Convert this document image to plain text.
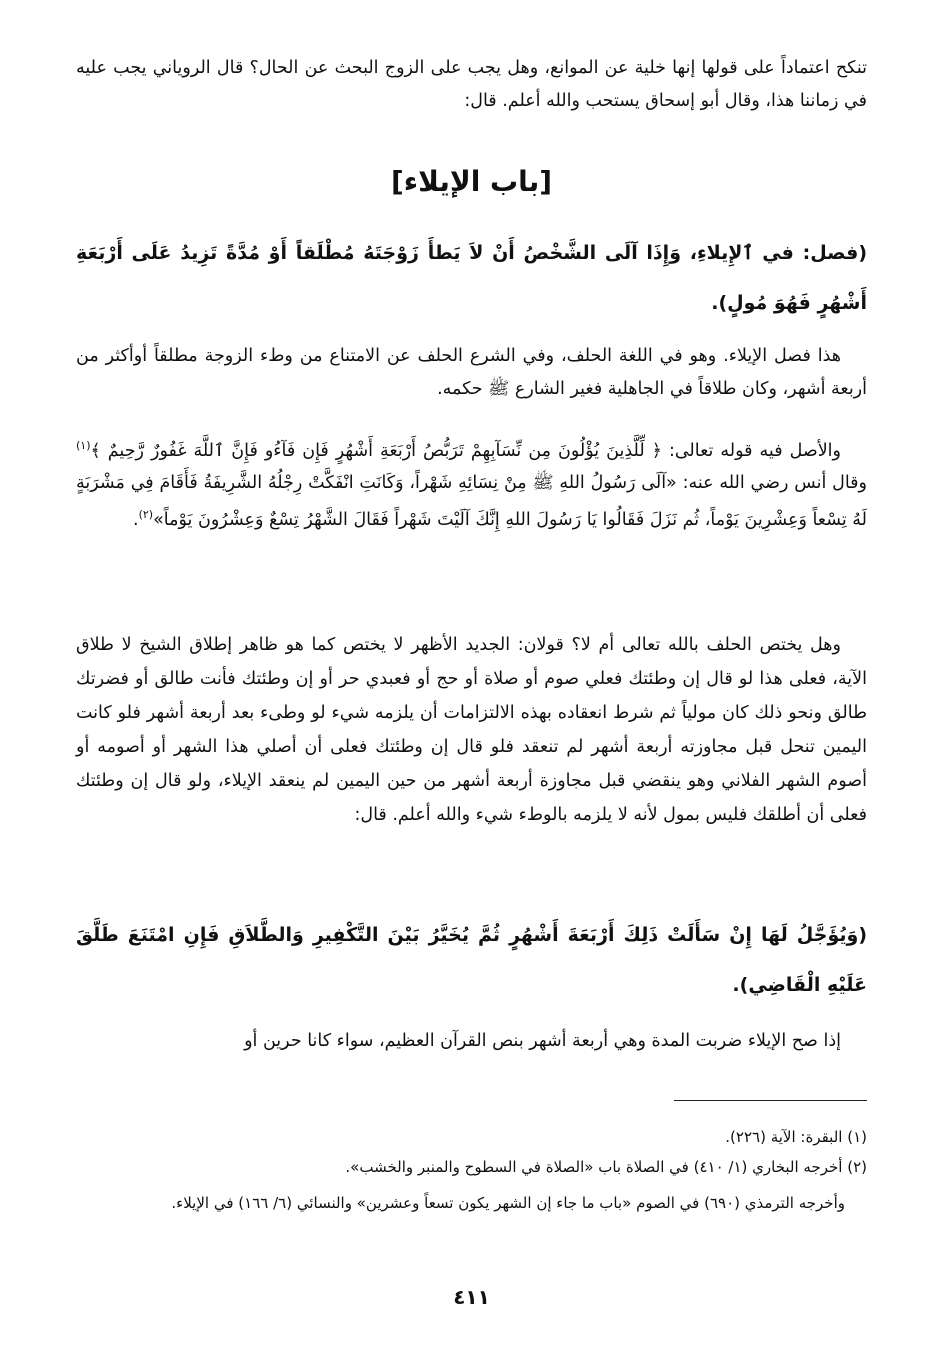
تنكح اعتماداً على قولها إنها خلية عن الموانع، وهل يجب على الزوج البحث عن الحال؟ قال الروياني يجب عليه في زماننا هذا، وقال أبو إسحاق يستحب والله أعلم. قال:

[باب الإيلاء]

(فصل: في ٱلإِيلاءِ، وَإِذَا آلَى الشَّخْصُ أَنْ لاَ يَطأَ زَوْجَتَهُ مُطْلَقاً أَوْ مُدَّةً تَزِيدُ عَلَى أَرْبَعَةِ أَشْهُرٍ فَهُوَ مُولٍ).

هذا فصل الإيلاء. وهو في اللغة الحلف، وفي الشرع الحلف عن الامتناع من وطء الزوجة مطلقاً أوأكثر من أربعة أشهر، وكان طلاقاً في الجاهلية فغير الشارع ﷺ حكمه.

والأصل فيه قوله تعالى: ﴿ لِّلَّذِينَ يُؤْلُونَ مِن نِّسَآبِهِمْ تَرَبُّصُ أَرْبَعَةِ أَشْهُرٍ فَإِن فَآءُو فَإِنَّ ٱللَّهَ غَفُورٌ رَّحِيمٌ ﴾$^{(١)}$ وقال أنس رضي الله عنه: «آلَى رَسُولُ اللهِ ﷺ مِنْ نِسَائِهِ شَهْراً، وَكَانَتِ انْفَكَّتْ رِجْلُهُ الشَّرِيفَةُ فَأَقَامَ فِي مَشْرَبَةٍ لَهُ تِسْعاً وَعِشْرِينَ يَوْماً، ثُم نَزَلَ فَقَالُوا يَا رَسُولَ اللهِ إِنَّكَ آلَيْتَ شَهْراً فَقَالَ الشَّهْرُ تِسْعٌ وَعِشْرُونَ يَوْماً»$^{(٢)}$.

وهل يختص الحلف بالله تعالى أم لا؟ قولان: الجديد الأظهر لا يختص كما هو ظاهر إطلاق الشيخ لا طلاق الآية، فعلى هذا لو قال إن وطئتك فعلي صوم أو صلاة أو حج أو فعبدي حر أو إن وطئتك فأنت طالق أو فضرتك طالق ونحو ذلك كان مولياً ثم شرط انعقاده بهذه الالتزامات أن يلزمه شيء لو وطىء بعد أربعة أشهر فلو كانت اليمين تنحل قبل مجاوزته أربعة أشهر لم تنعقد فلو قال إن وطئتك فعلى أن أصلي هذا الشهر أو أصومه أو أصوم الشهر الفلاني وهو ينقضي قبل مجاوزة أربعة أشهر من حين اليمين لم ينعقد الإيلاء، ولو قال إن وطئتك فعلى أن أطلقك فليس بمول لأنه لا يلزمه بالوطء شيء والله أعلم. قال:

(وَيُؤَجَّلُ لَهَا إِنْ سَأَلَتْ ذَلِكَ أَرْبَعَةَ أَشْهُرٍ ثُمَّ يُخَيَّرُ بَيْنَ التَّكْفِيرِ وَالطَّلاَقِ فَإِنِ امْتَنَعَ طَلَّقَ عَلَيْهِ الْقَاضِي).

إذا صح الإيلاء ضربت المدة وهي أربعة أشهر بنص القرآن العظيم، سواء كانا حرين أو

(١) البقرة: الآية (٢٢٦).

(٢) أخرجه البخاري (١/ ٤١٠) في الصلاة باب «الصلاة في السطوح والمنبر والخشب».

وأخرجه الترمذي (٦٩٠) في الصوم «باب ما جاء إن الشهر يكون تسعاً وعشرين» والنسائي (٦/ ١٦٦) في الإيلاء.

٤١١
